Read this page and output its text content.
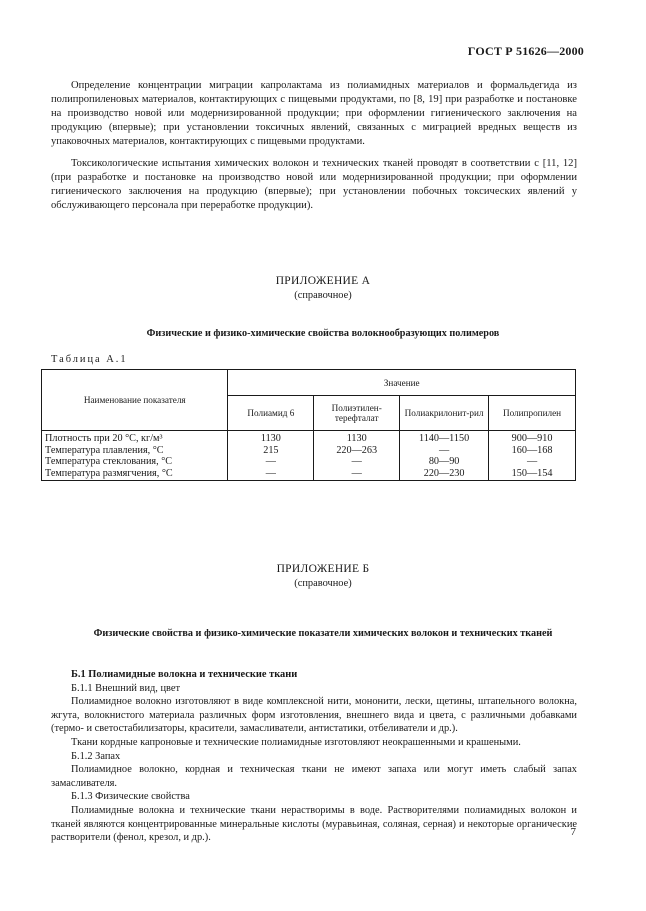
ГОСТ Р 51626—2000

Определение концентрации миграции капролактама из полиамидных материалов и формальдегида из полипропиленовых материалов, контактирующих с пищевыми продуктами, по [8, 19] при разработке и постановке на производство новой или модернизированной продукции; при оформлении гигиенического заключения на продукцию (впервые); при установлении токсичных явлений, связанных с миграцией вредных веществ из упаковочных материалов, контактирующих с пищевыми продуктами.

Токсикологические испытания химических волокон и технических тканей проводят в соответствии с [11, 12] (при разработке и постановке на производство новой или модернизированной продукции; при оформлении гигиенического заключения на продукцию (впервые); при установлении побочных токсических явлений у обслуживающего персонала при переработке продукции).

ПРИЛОЖЕНИЕ А
(справочное)
Физические и физико-химические свойства волокнообразующих полимеров
Таблица А.1
Наименование показателя	Значение			
	Полиамид 6	Полиэтилен-терефталат	Полиакрилонит-рил	Полипропилен
Плотность при 20 °С, кг/м³	1130	1130	1140—1150	900—910
Температура плавления, °С	215	220—263	—	160—168
Температура стеклования, °С	—	—	80—90	—
Температура размягчения, °С	—	—	220—230	150—154
ПРИЛОЖЕНИЕ Б
(справочное)
Физические свойства и физико-химические показатели химических волокон и технических тканей

Б.1 Полиамидные волокна и технические ткани

Б.1.1 Внешний вид, цвет

Полиамидное волокно изготовляют в виде комплексной нити, мононити, лески, щетины, штапельного волокна, жгута, волокнистого материала различных форм изготовления, внешнего вида и цвета, с различными добавками (термо- и светостабилизаторы, красители, замасливатели, антистатики, отбеливатели и др.).

Ткани кордные капроновые и технические полиамидные изготовляют неокрашенными и крашеными.

Б.1.2 Запах

Полиамидное волокно, кордная и техническая ткани не имеют запаха или могут иметь слабый запах замасливателя.

Б.1.3 Физические свойства

Полиамидные волокна и технические ткани нерастворимы в воде. Растворителями полиамидных волокон и тканей являются концентрированные минеральные кислоты (муравьиная, соляная, серная) и некоторые органические растворители (фенол, крезол, и др.).	7
